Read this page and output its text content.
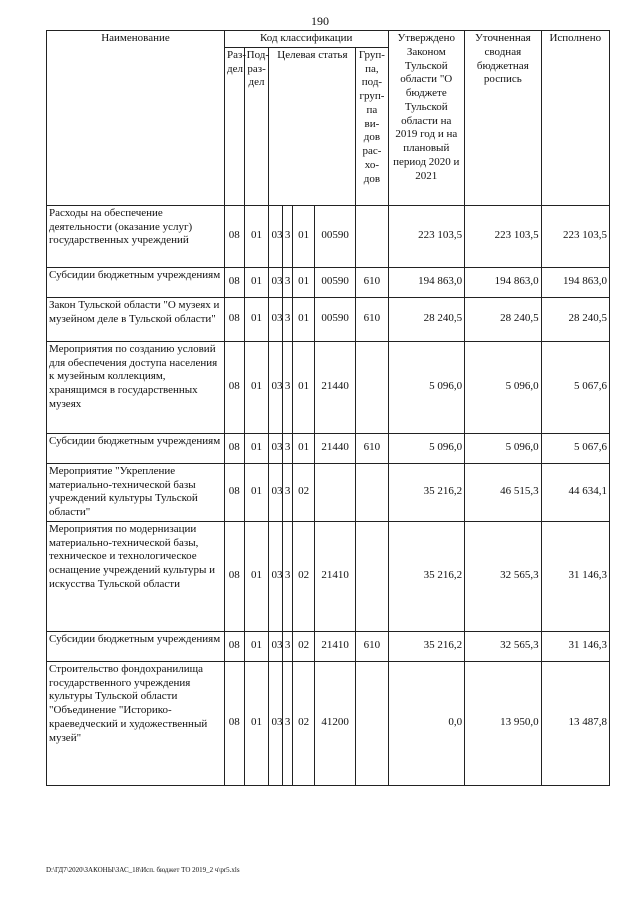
190
Наименование	Код классификации							Утверждено Законом Тульской области "О бюджете Тульской области на 2019 год и на плановый период 2020 и 2021	Уточненная сводная бюджетная роспись	Исполнено
	Раз-дел	Под-раз-дел	Целевая статья				Груп-па, под-груп-па ви-дов рас-хо-дов			
Расходы на обеспечение деятельности (оказание услуг) государственных учреждений	08	01	03	3	01	00590		223 103,5	223 103,5	223 103,5
Субсидии бюджетным учреждениям	08	01	03	3	01	00590	610	194 863,0	194 863,0	194 863,0
Закон Тульской области "О музеях и музейном деле в Тульской области"	08	01	03	3	01	00590	610	28 240,5	28 240,5	28 240,5
Мероприятия по созданию условий для обеспечения доступа населения к музейным коллекциям, хранящимся в государственных музеях	08	01	03	3	01	21440		5 096,0	5 096,0	5 067,6
Субсидии бюджетным учреждениям	08	01	03	3	01	21440	610	5 096,0	5 096,0	5 067,6
Мероприятие "Укрепление материально-технической базы учреждений культуры Тульской области"	08	01	03	3	02			35 216,2	46 515,3	44 634,1
Мероприятия по модернизации материально-технической базы, техническое и технологическое оснащение учреждений культуры и искусства Тульской области	08	01	03	3	02	21410		35 216,2	32 565,3	31 146,3
Субсидии бюджетным учреждениям	08	01	03	3	02	21410	610	35 216,2	32 565,3	31 146,3
Строительство фондохранилища государственного учреждения культуры Тульской области "Объединение "Историко-краеведческий и художественный музей"	08	01	03	3	02	41200		0,0	13 950,0	13 487,8
D:\ГД7\2020\ЗАКОНЫ\ЗАС_18\Исп. бюджет ТО 2019_2 ч\pr5.xls
